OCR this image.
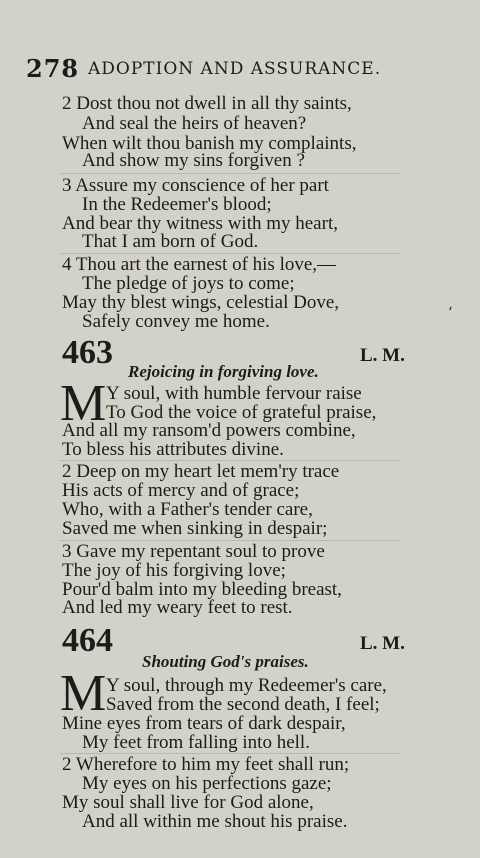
278 ADOPTION AND ASSURANCE.
2 Dost thou not dwell in all thy saints,
And seal the heirs of heaven?
When wilt thou banish my complaints,
And show my sins forgiven ?
3 Assure my conscience of her part
In the Redeemer's blood;
And bear thy witness with my heart,
That I am born of God.
4 Thou art the earnest of his love,—
The pledge of joys to come;
May thy blest wings, celestial Dove,
Safely convey me home.	‘
463	L. M.
Rejoicing in forgiving love.
M Y soul, with humble fervour raise
To God the voice of grateful praise,
And all my ransom'd powers combine,
To bless his attributes divine.
2 Deep on my heart let mem'ry trace
His acts of mercy and of grace;
Who, with a Father's tender care,
Saved me when sinking in despair;
3 Gave my repentant soul to prove
The joy of his forgiving love;
Pour'd balm into my bleeding breast,
And led my weary feet to rest.
464	L. M.
Shouting God's praises.
M Y soul, through my Redeemer's care,
Saved from the second death, I feel;
Mine eyes from tears of dark despair,
My feet from falling into hell.
2 Wherefore to him my feet shall run;
My eyes on his perfections gaze;
My soul shall live for God alone,
And all within me shout his praise.
